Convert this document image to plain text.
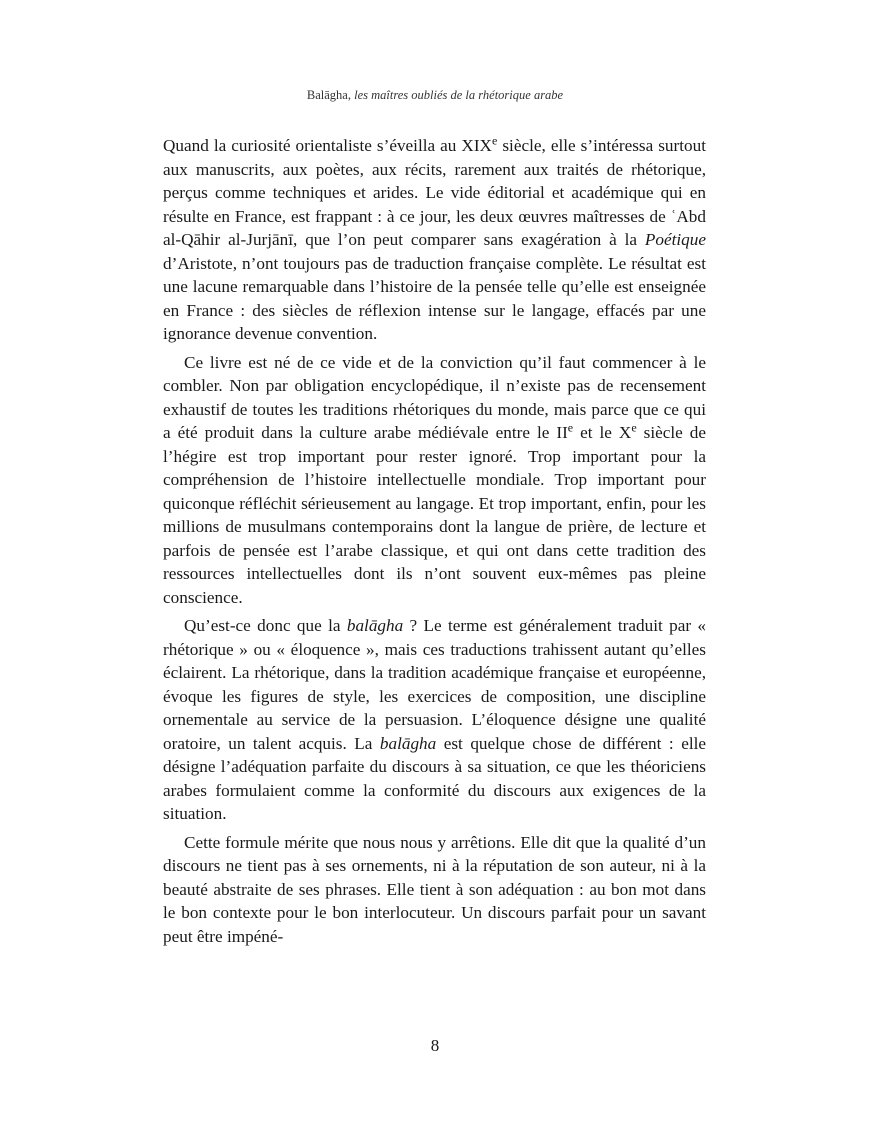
Balāgha, les maîtres oubliés de la rhétorique arabe

Quand la curiosité orientaliste s’éveilla au XIXe siècle, elle s’intéressa surtout aux manuscrits, aux poètes, aux récits, rarement aux traités de rhétorique, perçus comme techniques et arides. Le vide éditorial et académique qui en résulte en France, est frappant : à ce jour, les deux œuvres maîtresses de ʿAbd al-Qāhir al-Jurjānī, que l’on peut comparer sans exagération à la Poétique d’Aristote, n’ont toujours pas de traduction française complète. Le résultat est une lacune remarquable dans l’histoire de la pensée telle qu’elle est enseignée en France : des siècles de réflexion intense sur le langage, effacés par une ignorance devenue convention.

Ce livre est né de ce vide et de la conviction qu’il faut commencer à le combler. Non par obligation encyclopédique, il n’existe pas de recensement exhaustif de toutes les traditions rhétoriques du monde, mais parce que ce qui a été produit dans la culture arabe médiévale entre le IIe et le Xe siècle de l’hégire est trop important pour rester ignoré. Trop important pour la compréhension de l’histoire intellectuelle mondiale. Trop important pour quiconque réfléchit sérieusement au langage. Et trop important, enfin, pour les millions de musulmans contemporains dont la langue de prière, de lecture et parfois de pensée est l’arabe classique, et qui ont dans cette tradition des ressources intellectuelles dont ils n’ont souvent eux-mêmes pas pleine conscience.

Qu’est-ce donc que la balāgha ? Le terme est généralement traduit par « rhétorique » ou « éloquence », mais ces traductions trahissent autant qu’elles éclairent. La rhétorique, dans la tradition académique française et européenne, évoque les figures de style, les exercices de composition, une discipline ornementale au service de la persuasion. L’éloquence désigne une qualité oratoire, un talent acquis. La balāgha est quelque chose de différent : elle désigne l’adéquation parfaite du discours à sa situation, ce que les théoriciens arabes formulaient comme la conformité du discours aux exigences de la situation.

Cette formule mérite que nous nous y arrêtions. Elle dit que la qualité d’un discours ne tient pas à ses ornements, ni à la réputation de son auteur, ni à la beauté abstraite de ses phrases. Elle tient à son adéquation : au bon mot dans le bon contexte pour le bon interlocuteur. Un discours parfait pour un savant peut être impéné-

8
